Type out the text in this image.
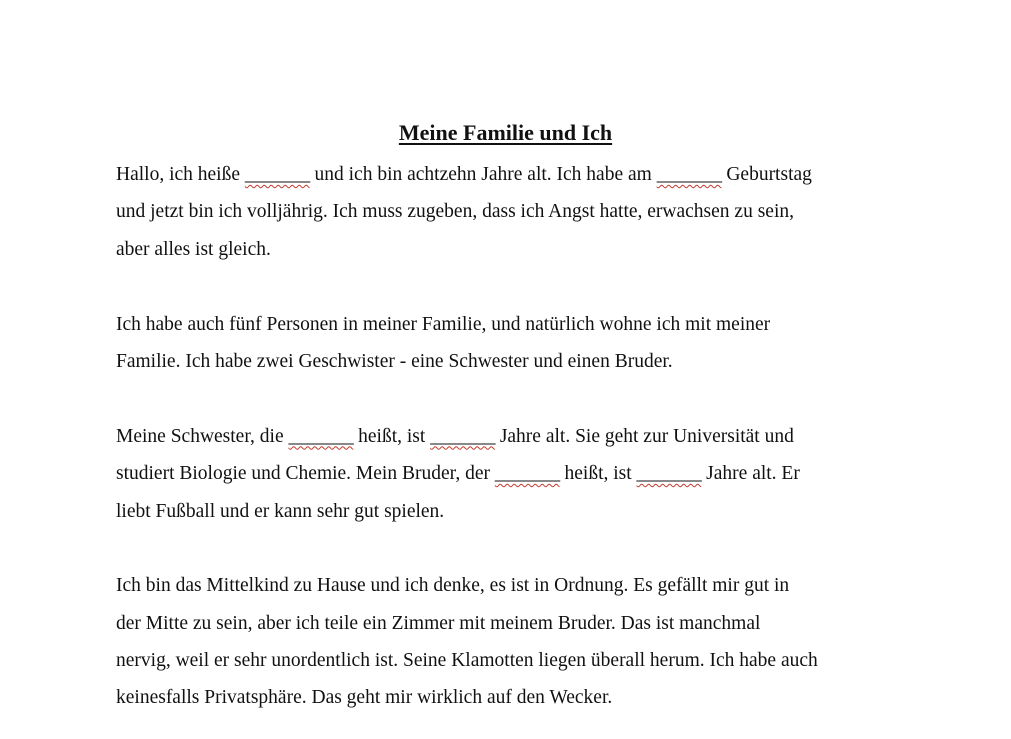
Meine Familie und Ich

Hallo, ich heiße _______ und ich bin achtzehn Jahre alt. Ich habe am _______ Geburtstag
und jetzt bin ich volljährig. Ich muss zugeben, dass ich Angst hatte, erwachsen zu sein,
aber alles ist gleich.

Ich habe auch fünf Personen in meiner Familie, und natürlich wohne ich mit meiner
Familie. Ich habe zwei Geschwister - eine Schwester und einen Bruder.

Meine Schwester, die _______ heißt, ist _______ Jahre alt. Sie geht zur Universität und
studiert Biologie und Chemie. Mein Bruder, der _______ heißt, ist _______ Jahre alt. Er
liebt Fußball und er kann sehr gut spielen.

Ich bin das Mittelkind zu Hause und ich denke, es ist in Ordnung. Es gefällt mir gut in
der Mitte zu sein, aber ich teile ein Zimmer mit meinem Bruder. Das ist manchmal
nervig, weil er sehr unordentlich ist. Seine Klamotten liegen überall herum. Ich habe auch
keinesfalls Privatsphäre. Das geht mir wirklich auf den Wecker.
